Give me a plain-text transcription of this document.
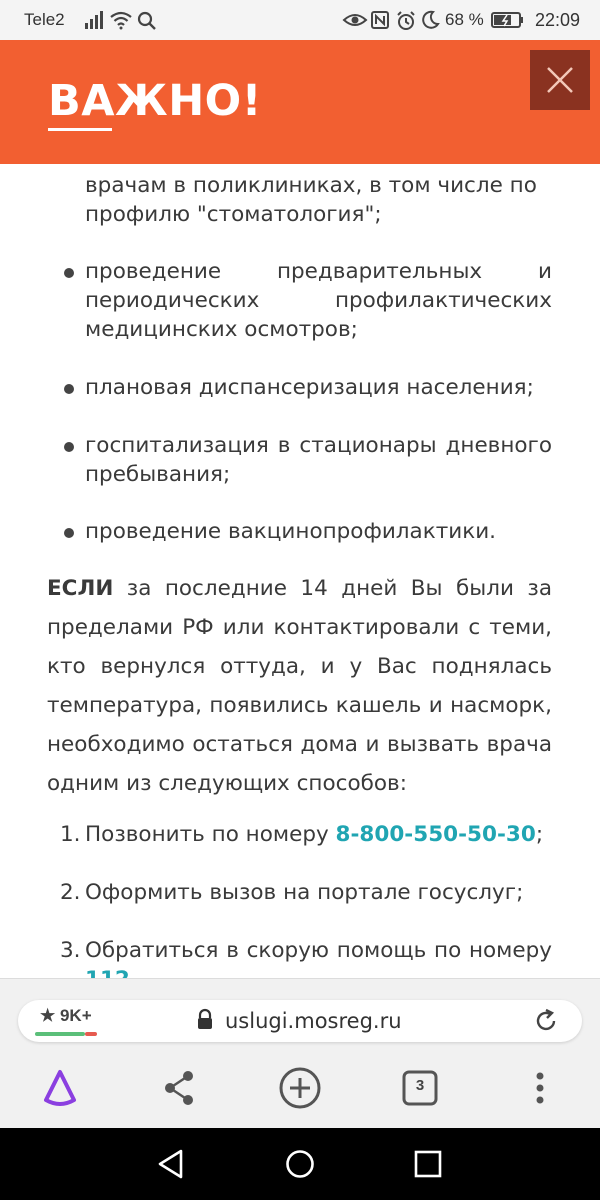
Tele2	68 %	22:09
ВАЖНО!
врачам в поликлиниках, в том числе по
профилю "стоматология";
проведение предварительных и
периодических профилактических
медицинских осмотров;
плановая диспансеризация населения;
госпитализация в стационары дневного
пребывания;
проведение вакцинопрофилактики.
ЕСЛИ за последние 14 дней Вы были за
пределами РФ или контактировали с теми,
кто вернулся оттуда, и у Вас поднялась
температура, появились кашель и насморк,
необходимо остаться дома и вызвать врача
одним из следующих способов:
1. Позвонить по номеру 8-800-550-50-30;
2. Оформить вызов на портале госуслуг;
3. Обратиться в скорую помощь по номеру
★ 9K+	uslugi.mosreg.ru
3
